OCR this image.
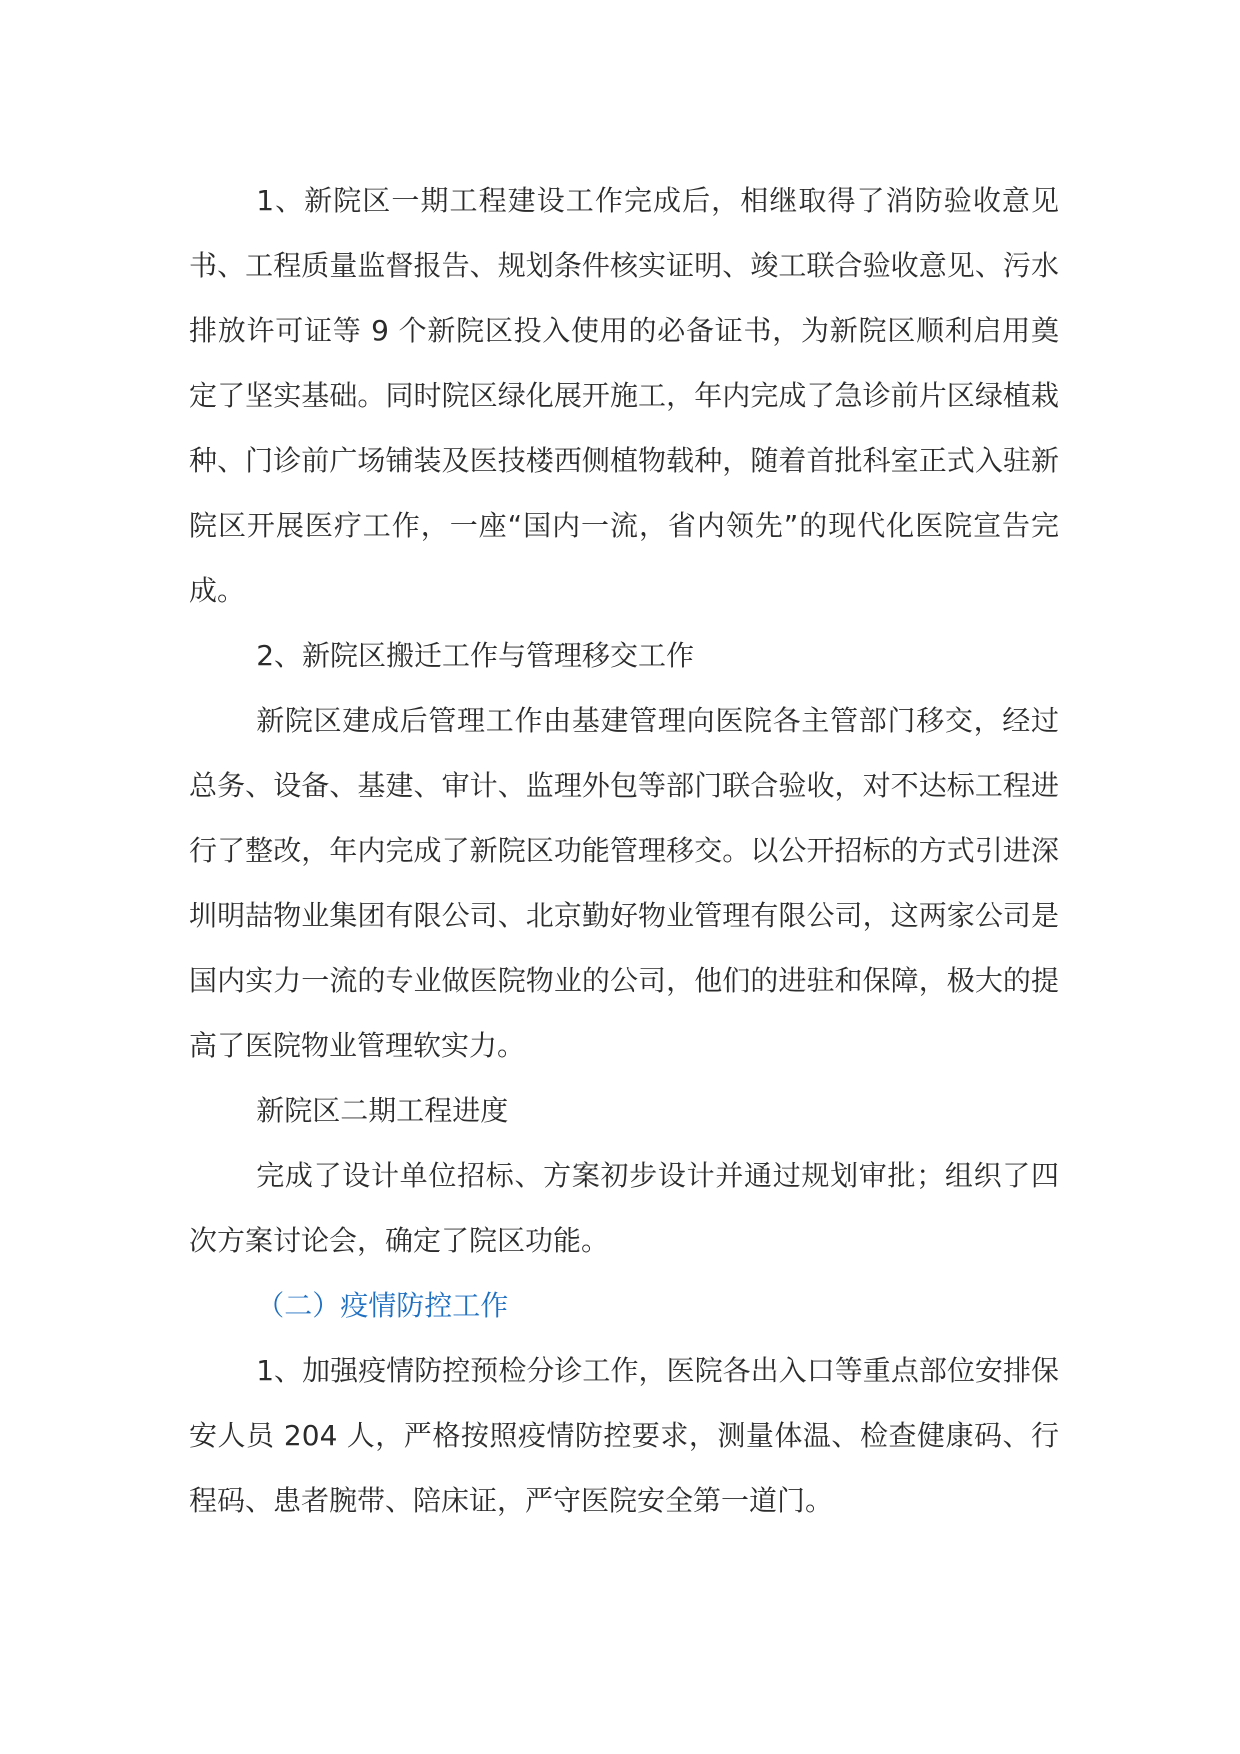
1、新院区一期工程建设工作完成后，相继取得了消防验收意见书、工程质量监督报告、规划条件核实证明、竣工联合验收意见、污水排放许可证等 9 个新院区投入使用的必备证书，为新院区顺利启用奠定了坚实基础。同时院区绿化展开施工，年内完成了急诊前片区绿植栽种、门诊前广场铺装及医技楼西侧植物载种，随着首批科室正式入驻新院区开展医疗工作，一座“国内一流，省内领先”的现代化医院宣告完成。

2、新院区搬迁工作与管理移交工作

新院区建成后管理工作由基建管理向医院各主管部门移交，经过总务、设备、基建、审计、监理外包等部门联合验收，对不达标工程进行了整改，年内完成了新院区功能管理移交。以公开招标的方式引进深圳明喆物业集团有限公司、北京勤好物业管理有限公司，这两家公司是国内实力一流的专业做医院物业的公司，他们的进驻和保障，极大的提高了医院物业管理软实力。

新院区二期工程进度

完成了设计单位招标、方案初步设计并通过规划审批；组织了四次方案讨论会，确定了院区功能。

（二）疫情防控工作

1、加强疫情防控预检分诊工作，医院各出入口等重点部位安排保安人员 204 人，严格按照疫情防控要求，测量体温、检查健康码、行程码、患者腕带、陪床证，严守医院安全第一道门。
